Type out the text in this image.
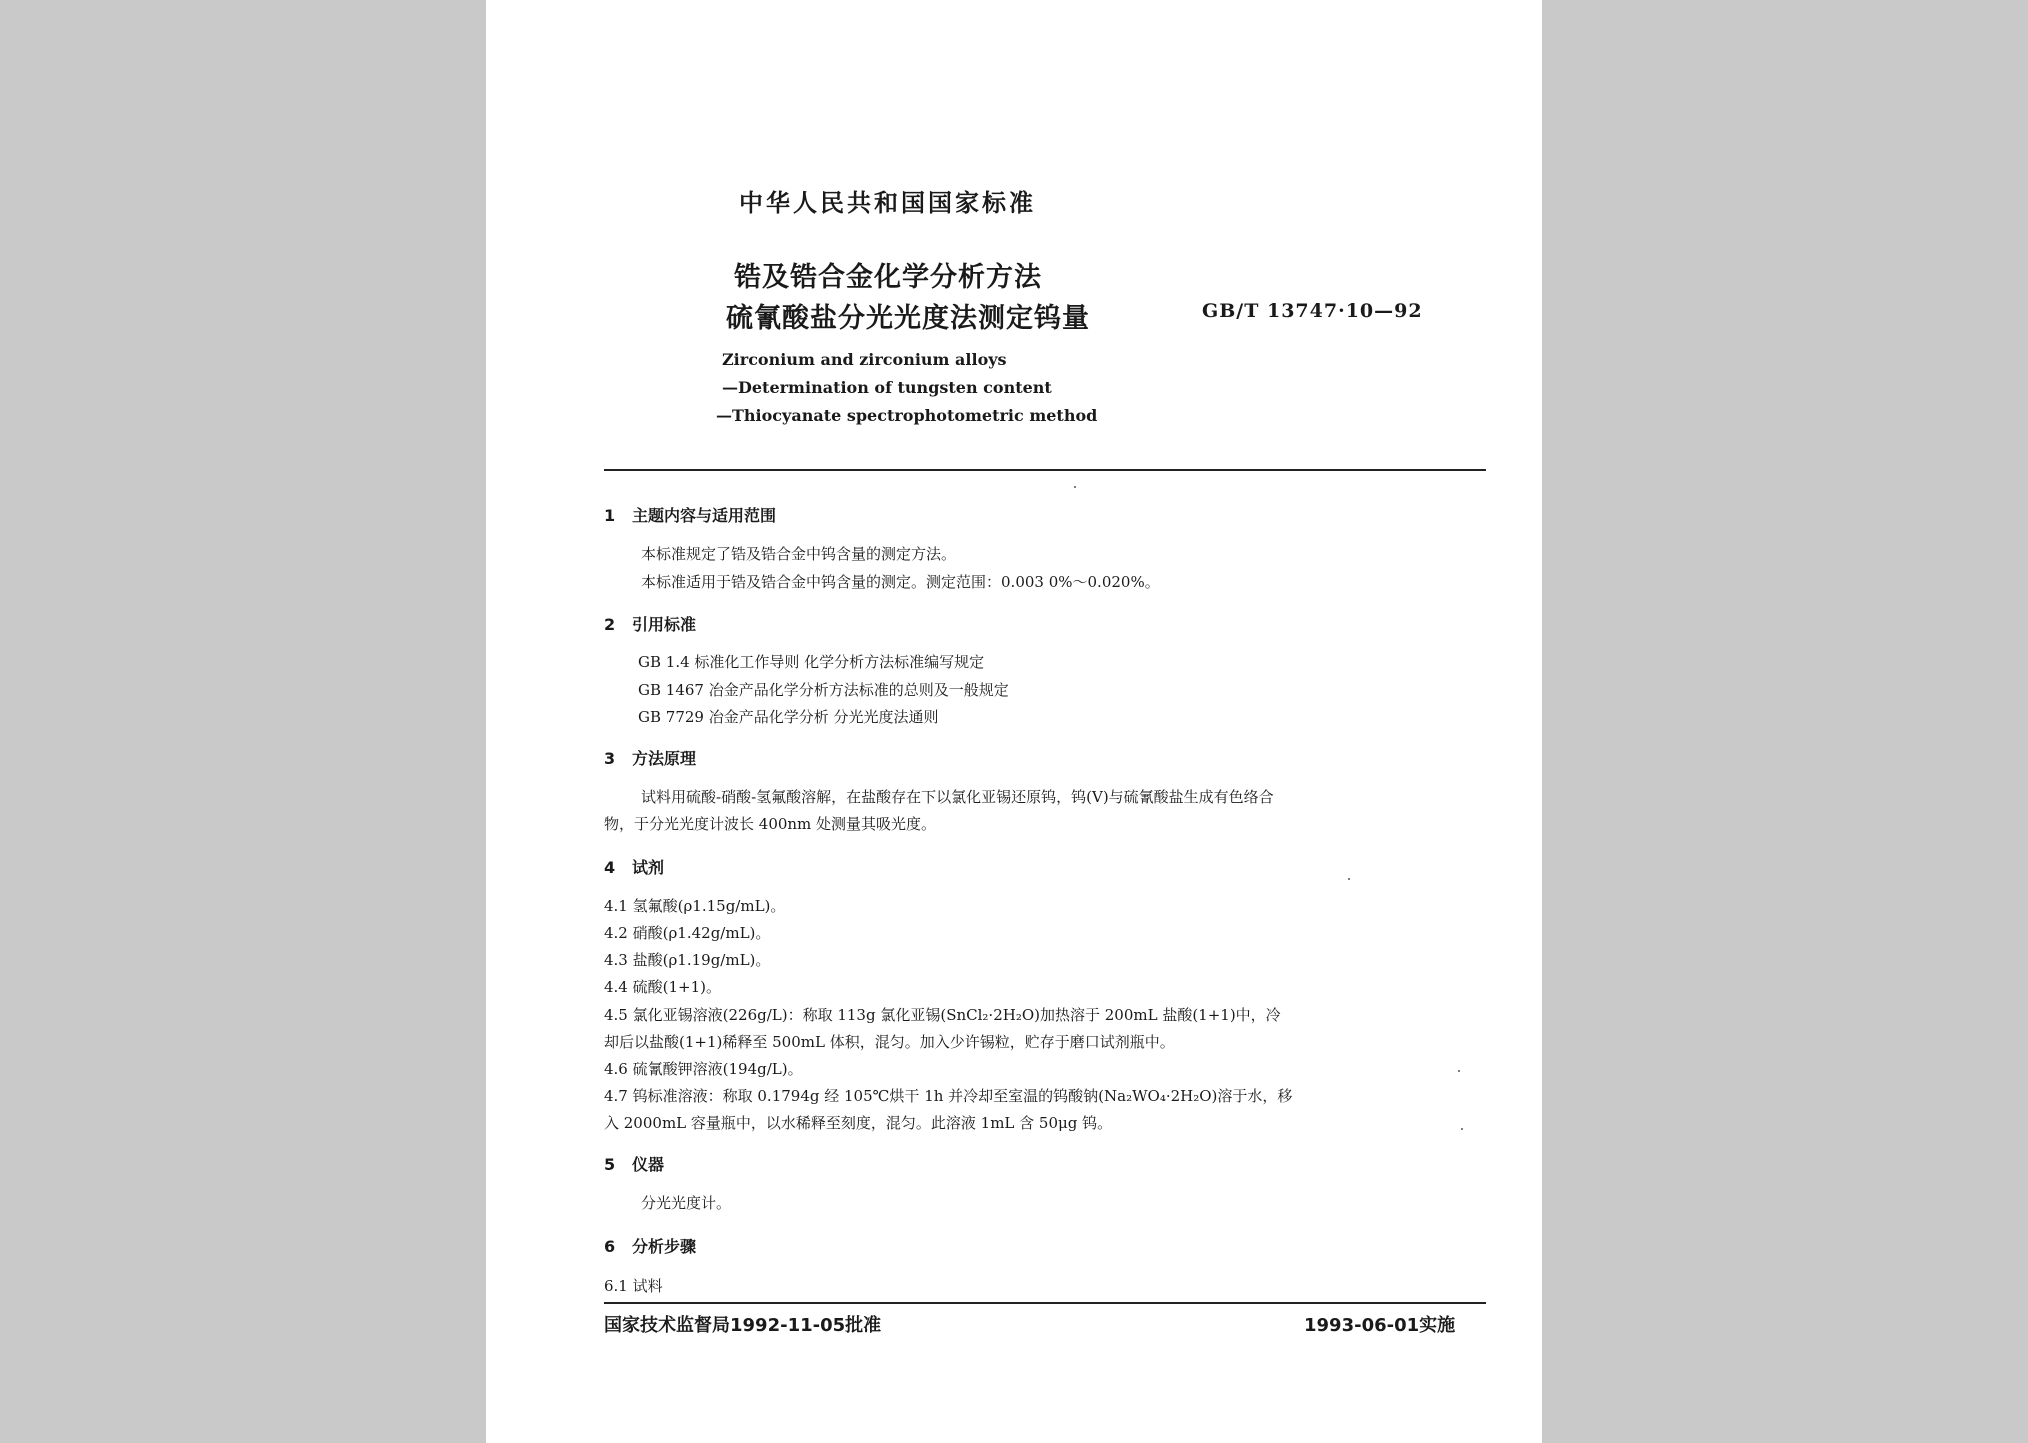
中华人民共和国国家标准
锆及锆合金化学分析方法
硫氰酸盐分光光度法测定钨量	GB/T 13747·10—92
Zirconium and zirconium alloys
—Determination of tungsten content
—Thiocyanate spectrophotometric method
1 主题内容与适用范围
本标准规定了锆及锆合金中钨含量的测定方法。
本标准适用于锆及锆合金中钨含量的测定。测定范围：0.003 0%～0.020%。
2 引用标准
GB 1.4 标准化工作导则 化学分析方法标准编写规定
GB 1467 冶金产品化学分析方法标准的总则及一般规定
GB 7729 冶金产品化学分析 分光光度法通则
3 方法原理
试料用硫酸-硝酸-氢氟酸溶解，在盐酸存在下以氯化亚锡还原钨，钨(V)与硫氰酸盐生成有色络合
物，于分光光度计波长 400nm 处测量其吸光度。
4 试剂
4.1 氢氟酸(ρ1.15g/mL)。
4.2 硝酸(ρ1.42g/mL)。
4.3 盐酸(ρ1.19g/mL)。
4.4 硫酸(1+1)。
4.5 氯化亚锡溶液(226g/L)：称取 113g 氯化亚锡(SnCl₂·2H₂O)加热溶于 200mL 盐酸(1+1)中，冷
却后以盐酸(1+1)稀释至 500mL 体积，混匀。加入少许锡粒，贮存于磨口试剂瓶中。
4.6 硫氰酸钾溶液(194g/L)。
4.7 钨标准溶液：称取 0.1794g 经 105℃烘干 1h 并冷却至室温的钨酸钠(Na₂WO₄·2H₂O)溶于水，移
入 2000mL 容量瓶中，以水稀释至刻度，混匀。此溶液 1mL 含 50μg 钨。
5 仪器
分光光度计。
6 分析步骤
6.1 试料
国家技术监督局1992-11-05批准	1993-06-01实施
